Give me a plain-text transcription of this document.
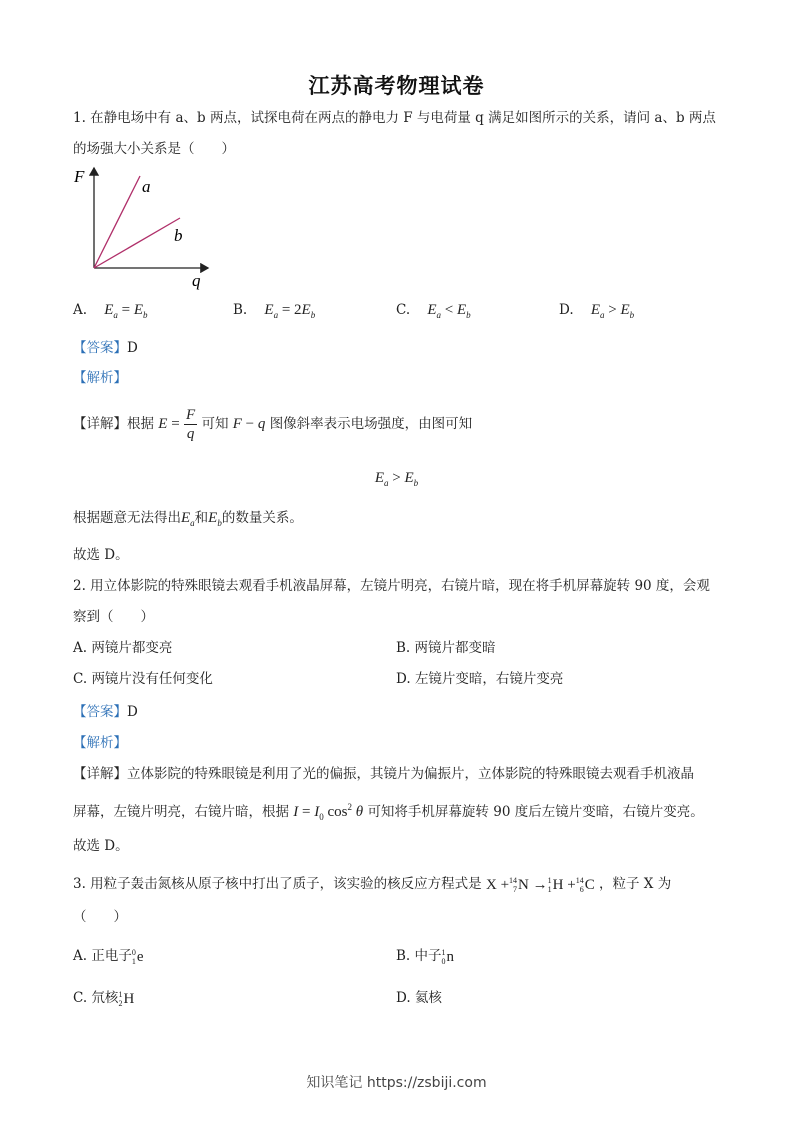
江苏高考物理试卷
1. 在静电场中有 a、b 两点，试探电荷在两点的静电力 F 与电荷量 q 满足如图所示的关系，请问 a、b 两点
的场强大小关系是（　　）
F
q
a
b
A. $E_a = E_b$	B. $E_a = 2E_b$	C. $E_a < E_b$	D. $E_a > E_b$
【答案】D
【解析】
【详解】根据 $E = \frac{F}{q}$ 可知 F − q 图像斜率表示电场强度，由图可知
$E_a > E_b$
根据题意无法得出$E_a$和$E_b$的数量关系。
故选 D。
2. 用立体影院的特殊眼镜去观看手机液晶屏幕，左镜片明亮，右镜片暗，现在将手机屏幕旋转 90 度，会观
察到（　　）
A. 两镜片都变亮	B. 两镜片都变暗
C. 两镜片没有任何变化	D. 左镜片变暗，右镜片变亮
【答案】D
【解析】
【详解】立体影院的特殊眼镜是利用了光的偏振，其镜片为偏振片，立体影院的特殊眼镜去观看手机液晶
屏幕，左镜片明亮，右镜片暗，根据 $I = I_0$ $\cos^2 \theta$ 可知将手机屏幕旋转 90 度后左镜片变暗，右镜片变亮。
故选 D。
3. 用粒子轰击氮核从原子核中打出了质子，该实验的核反应方程式是 X + 14
7 N → 1
1 H + 14
6 C ，粒子 X 为
（　　）
A. 正电子 0
1 e	B. 中子 1
0 n
C. 氘核 1
2 H	D. 氦核
知识笔记 https://zsbiji.com
